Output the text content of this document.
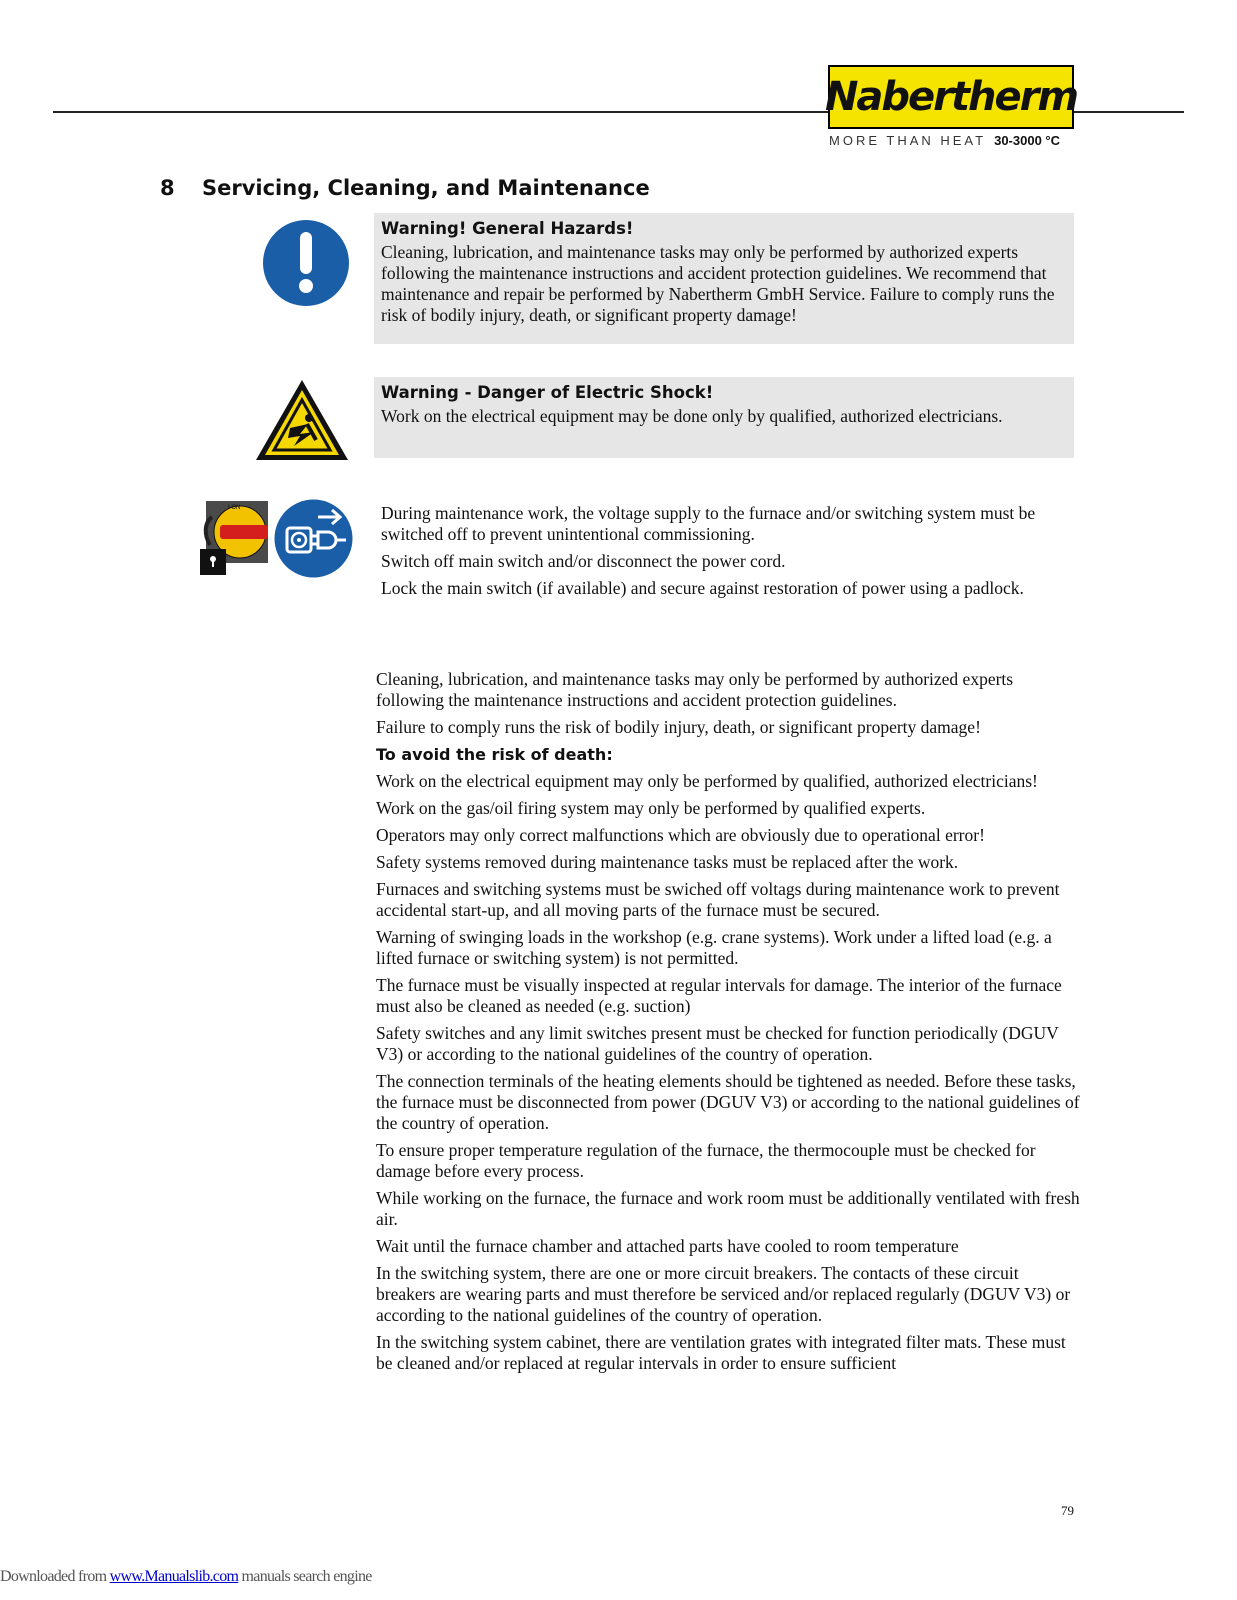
Nabertherm
MORE THAN HEAT 30-3000 °C
8 Servicing, Cleaning, and Maintenance
Warning! General Hazards!
Cleaning, lubrication, and maintenance tasks may only be performed by authorized experts following the maintenance instructions and accident protection guidelines. We recommend that maintenance and repair be performed by Nabertherm GmbH Service. Failure to comply runs the risk of bodily injury, death, or significant property damage!
Warning - Danger of Electric Shock!
Work on the electrical equipment may be done only by qualified, authorized electricians.
I ON	During maintenance work, the voltage supply to the furnace and/or switching system must be switched off to prevent unintentional commissioning.

Switch off main switch and/or disconnect the power cord.

Lock the main switch (if available) and secure against restoration of power using a padlock.

Cleaning, lubrication, and maintenance tasks may only be performed by authorized experts following the maintenance instructions and accident protection guidelines.

Failure to comply runs the risk of bodily injury, death, or significant property damage!

To avoid the risk of death:

Work on the electrical equipment may only be performed by qualified, authorized electricians!

Work on the gas/oil firing system may only be performed by qualified experts.

Operators may only correct malfunctions which are obviously due to operational error!

Safety systems removed during maintenance tasks must be replaced after the work.

Furnaces and switching systems must be swiched off voltags during maintenance work to prevent accidental start-up, and all moving parts of the furnace must be secured.

Warning of swinging loads in the workshop (e.g. crane systems). Work under a lifted load (e.g. a lifted furnace or switching system) is not permitted.

The furnace must be visually inspected at regular intervals for damage. The interior of the furnace must also be cleaned as needed (e.g. suction)

Safety switches and any limit switches present must be checked for function periodically (DGUV V3) or according to the national guidelines of the country of operation.

The connection terminals of the heating elements should be tightened as needed. Before these tasks, the furnace must be disconnected from power (DGUV V3) or according to the national guidelines of the country of operation.

To ensure proper temperature regulation of the furnace, the thermocouple must be checked for damage before every process.

While working on the furnace, the furnace and work room must be additionally ventilated with fresh air.

Wait until the furnace chamber and attached parts have cooled to room temperature

In the switching system, there are one or more circuit breakers. The contacts of these circuit breakers are wearing parts and must therefore be serviced and/or replaced regularly (DGUV V3) or according to the national guidelines of the country of operation.

In the switching system cabinet, there are ventilation grates with integrated filter mats. These must be cleaned and/or replaced at regular intervals in order to ensure sufficient

79
Downloaded from www.Manualslib.com manuals search engine
